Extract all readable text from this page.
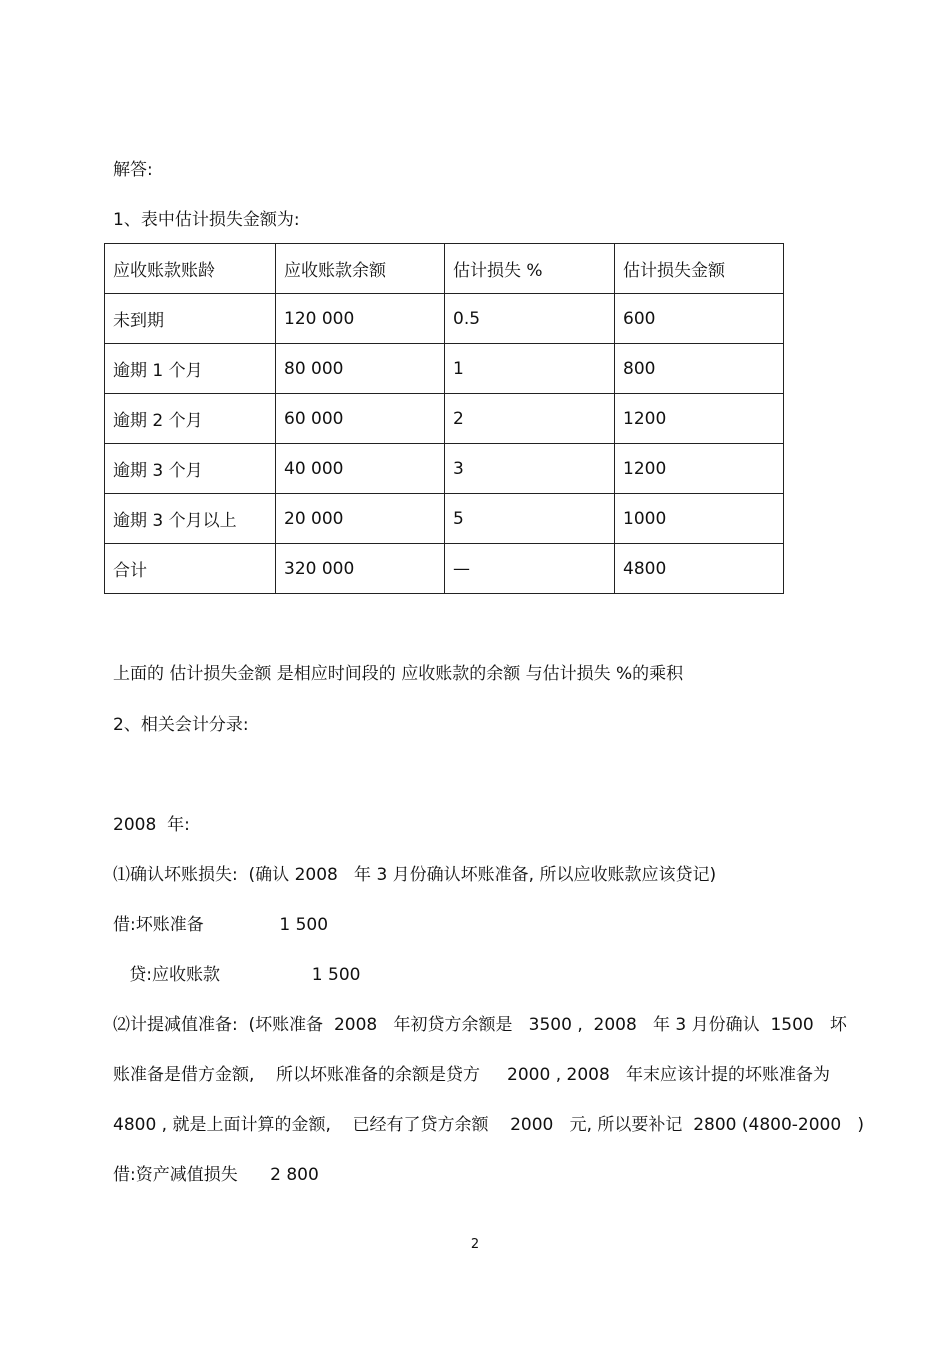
解答:
1、表中估计损失金额为:
应收账款账龄	应收账款余额	估计损失 %	估计损失金额
未到期	120 000	0.5	600
逾期 1 个月	80 000	1	800
逾期 2 个月	60 000	2	1200
逾期 3 个月	40 000	3	1200
逾期 3 个月以上	20 000	5	1000
合计	320 000	—	4800
上面的 估计损失金额 是相应时间段的 应收账款的余额 与估计损失 %的乘积
2、相关会计分录:
2008  年:
⑴确认坏账损失:  (确认 2008   年 3 月份确认坏账准备, 所以应收账款应该贷记)
借:坏账准备              1 500
贷:应收账款                 1 500
⑵计提减值准备:  (坏账准备  2008   年初贷方余额是   3500 ,  2008   年 3 月份确认  1500   坏
账准备是借方金额,    所以坏账准备的余额是贷方     2000 , 2008   年末应该计提的坏账准备为
4800 , 就是上面计算的金额,    已经有了贷方余额    2000   元, 所以要补记  2800 (4800-2000   )
借:资产减值损失      2 800
2
